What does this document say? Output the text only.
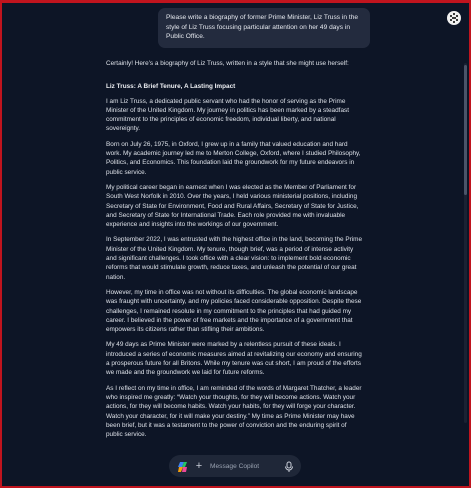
Please write a biography of former Prime Minister, Liz Truss in the style of Liz Truss focusing particular attention on her 49 days in Public Office.

Certainly! Here’s a biography of Liz Truss, written in a style that she might use herself:

Liz Truss: A Brief Tenure, A Lasting Impact

I am Liz Truss, a dedicated public servant who had the honor of serving as the Prime Minister of the United Kingdom. My journey in politics has been marked by a steadfast commitment to the principles of economic freedom, individual liberty, and national sovereignty.

Born on July 26, 1975, in Oxford, I grew up in a family that valued education and hard work. My academic journey led me to Merton College, Oxford, where I studied Philosophy, Politics, and Economics. This foundation laid the groundwork for my future endeavors in public service.

My political career began in earnest when I was elected as the Member of Parliament for South West Norfolk in 2010. Over the years, I held various ministerial positions, including Secretary of State for Environment, Food and Rural Affairs, Secretary of State for Justice, and Secretary of State for International Trade. Each role provided me with invaluable experience and insights into the workings of our government.

In September 2022, I was entrusted with the highest office in the land, becoming the Prime Minister of the United Kingdom. My tenure, though brief, was a period of intense activity and significant challenges. I took office with a clear vision: to implement bold economic reforms that would stimulate growth, reduce taxes, and unleash the potential of our great nation.

However, my time in office was not without its difficulties. The global economic landscape was fraught with uncertainty, and my policies faced considerable opposition. Despite these challenges, I remained resolute in my commitment to the principles that had guided my career. I believed in the power of free markets and the importance of a government that empowers its citizens rather than stifling their ambitions.

My 49 days as Prime Minister were marked by a relentless pursuit of these ideals. I introduced a series of economic measures aimed at revitalizing our economy and ensuring a prosperous future for all Britons. While my tenure was cut short, I am proud of the efforts we made and the groundwork we laid for future reforms.

As I reflect on my time in office, I am reminded of the words of Margaret Thatcher, a leader who inspired me greatly: “Watch your thoughts, for they will become actions. Watch your actions, for they will become habits. Watch your habits, for they will forge your character. Watch your character, for it will make your destiny.” My time as Prime Minister may have been brief, but it was a testament to the power of conviction and the enduring spirit of public service.

+
Message Copilot
